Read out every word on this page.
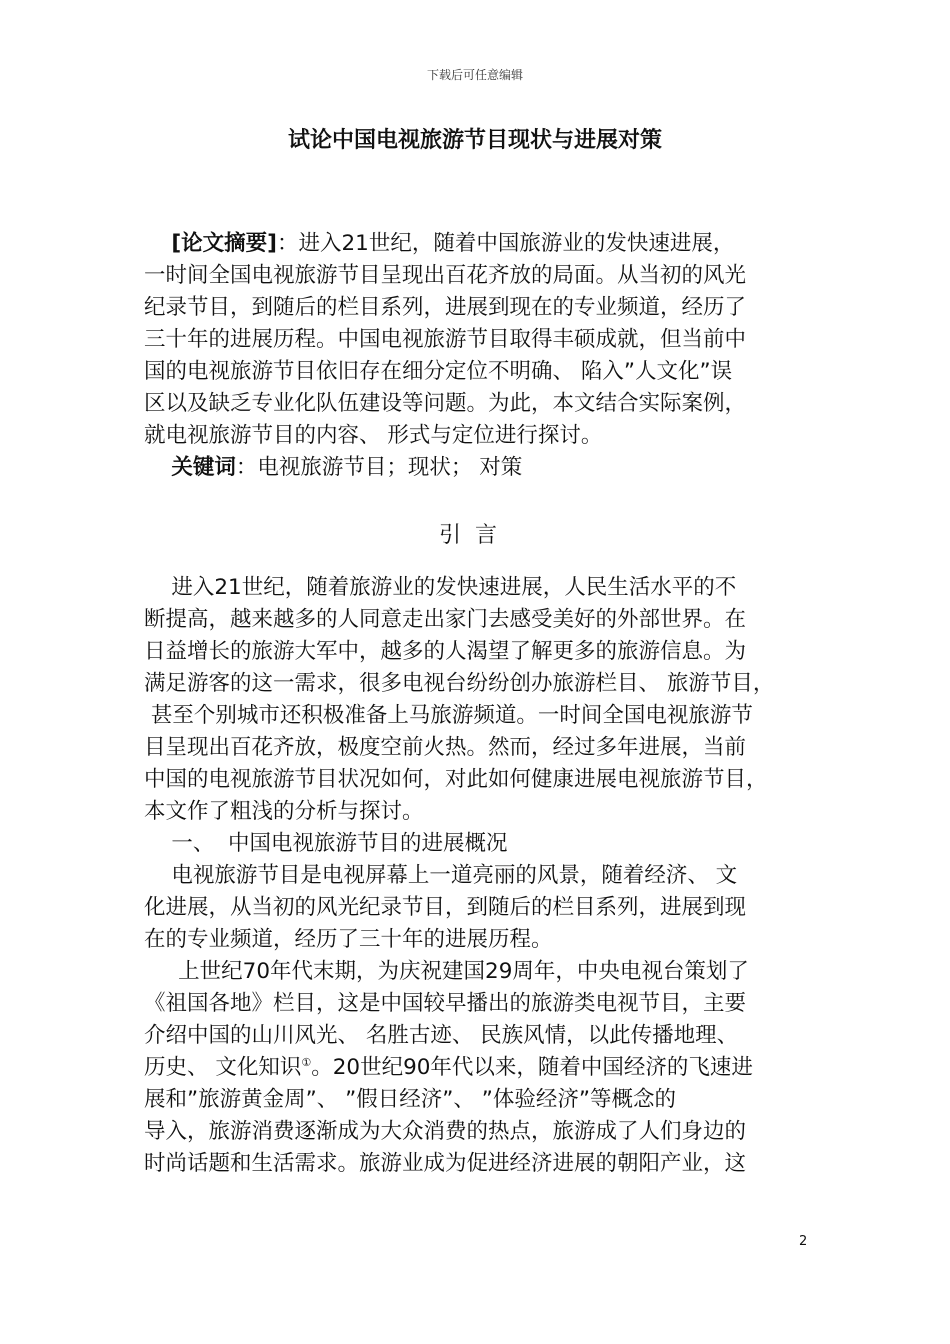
下载后可任意编辑
试论中国电视旅游节目现状与进展对策
[论文摘要]：进入21世纪，随着中国旅游业的发快速进展，
一时间全国电视旅游节目呈现出百花齐放的局面。从当初的风光
纪录节目，到随后的栏目系列，进展到现在的专业频道，经历了
三十年的进展历程。中国电视旅游节目取得丰硕成就，但当前中
国的电视旅游节目依旧存在细分定位不明确、 陷入”人文化”误
区以及缺乏专业化队伍建设等问题。为此，本文结合实际案例，
就电视旅游节目的内容、 形式与定位进行探讨。
关键词：电视旅游节目；现状； 对策
引言
进入21世纪，随着旅游业的发快速进展，人民生活水平的不
断提高，越来越多的人同意走出家门去感受美好的外部世界。在
日益增长的旅游大军中，越多的人渴望了解更多的旅游信息。为
满足游客的这一需求，很多电视台纷纷创办旅游栏目、 旅游节目，
甚至个别城市还积极准备上马旅游频道。一时间全国电视旅游节
目呈现出百花齐放，极度空前火热。然而，经过多年进展，当前
中国的电视旅游节目状况如何，对此如何健康进展电视旅游节目，
本文作了粗浅的分析与探讨。
一、  中国电视旅游节目的进展概况
电视旅游节目是电视屏幕上一道亮丽的风景，随着经济、 文
化进展，从当初的风光纪录节目，到随后的栏目系列，进展到现
在的专业频道，经历了三十年的进展历程。
上世纪70年代末期，为庆祝建国29周年，中央电视台策划了
《祖国各地》栏目，这是中国较早播出的旅游类电视节目，主要
介绍中国的山川风光、 名胜古迹、 民族风情，以此传播地理、
历史、 文化知识①。20世纪90年代以来，随着中国经济的飞速进
展和”旅游黄金周”、 ”假日经济”、 ”体验经济”等概念的
导入，旅游消费逐渐成为大众消费的热点，旅游成了人们身边的
时尚话题和生活需求。旅游业成为促进经济进展的朝阳产业，这
2
